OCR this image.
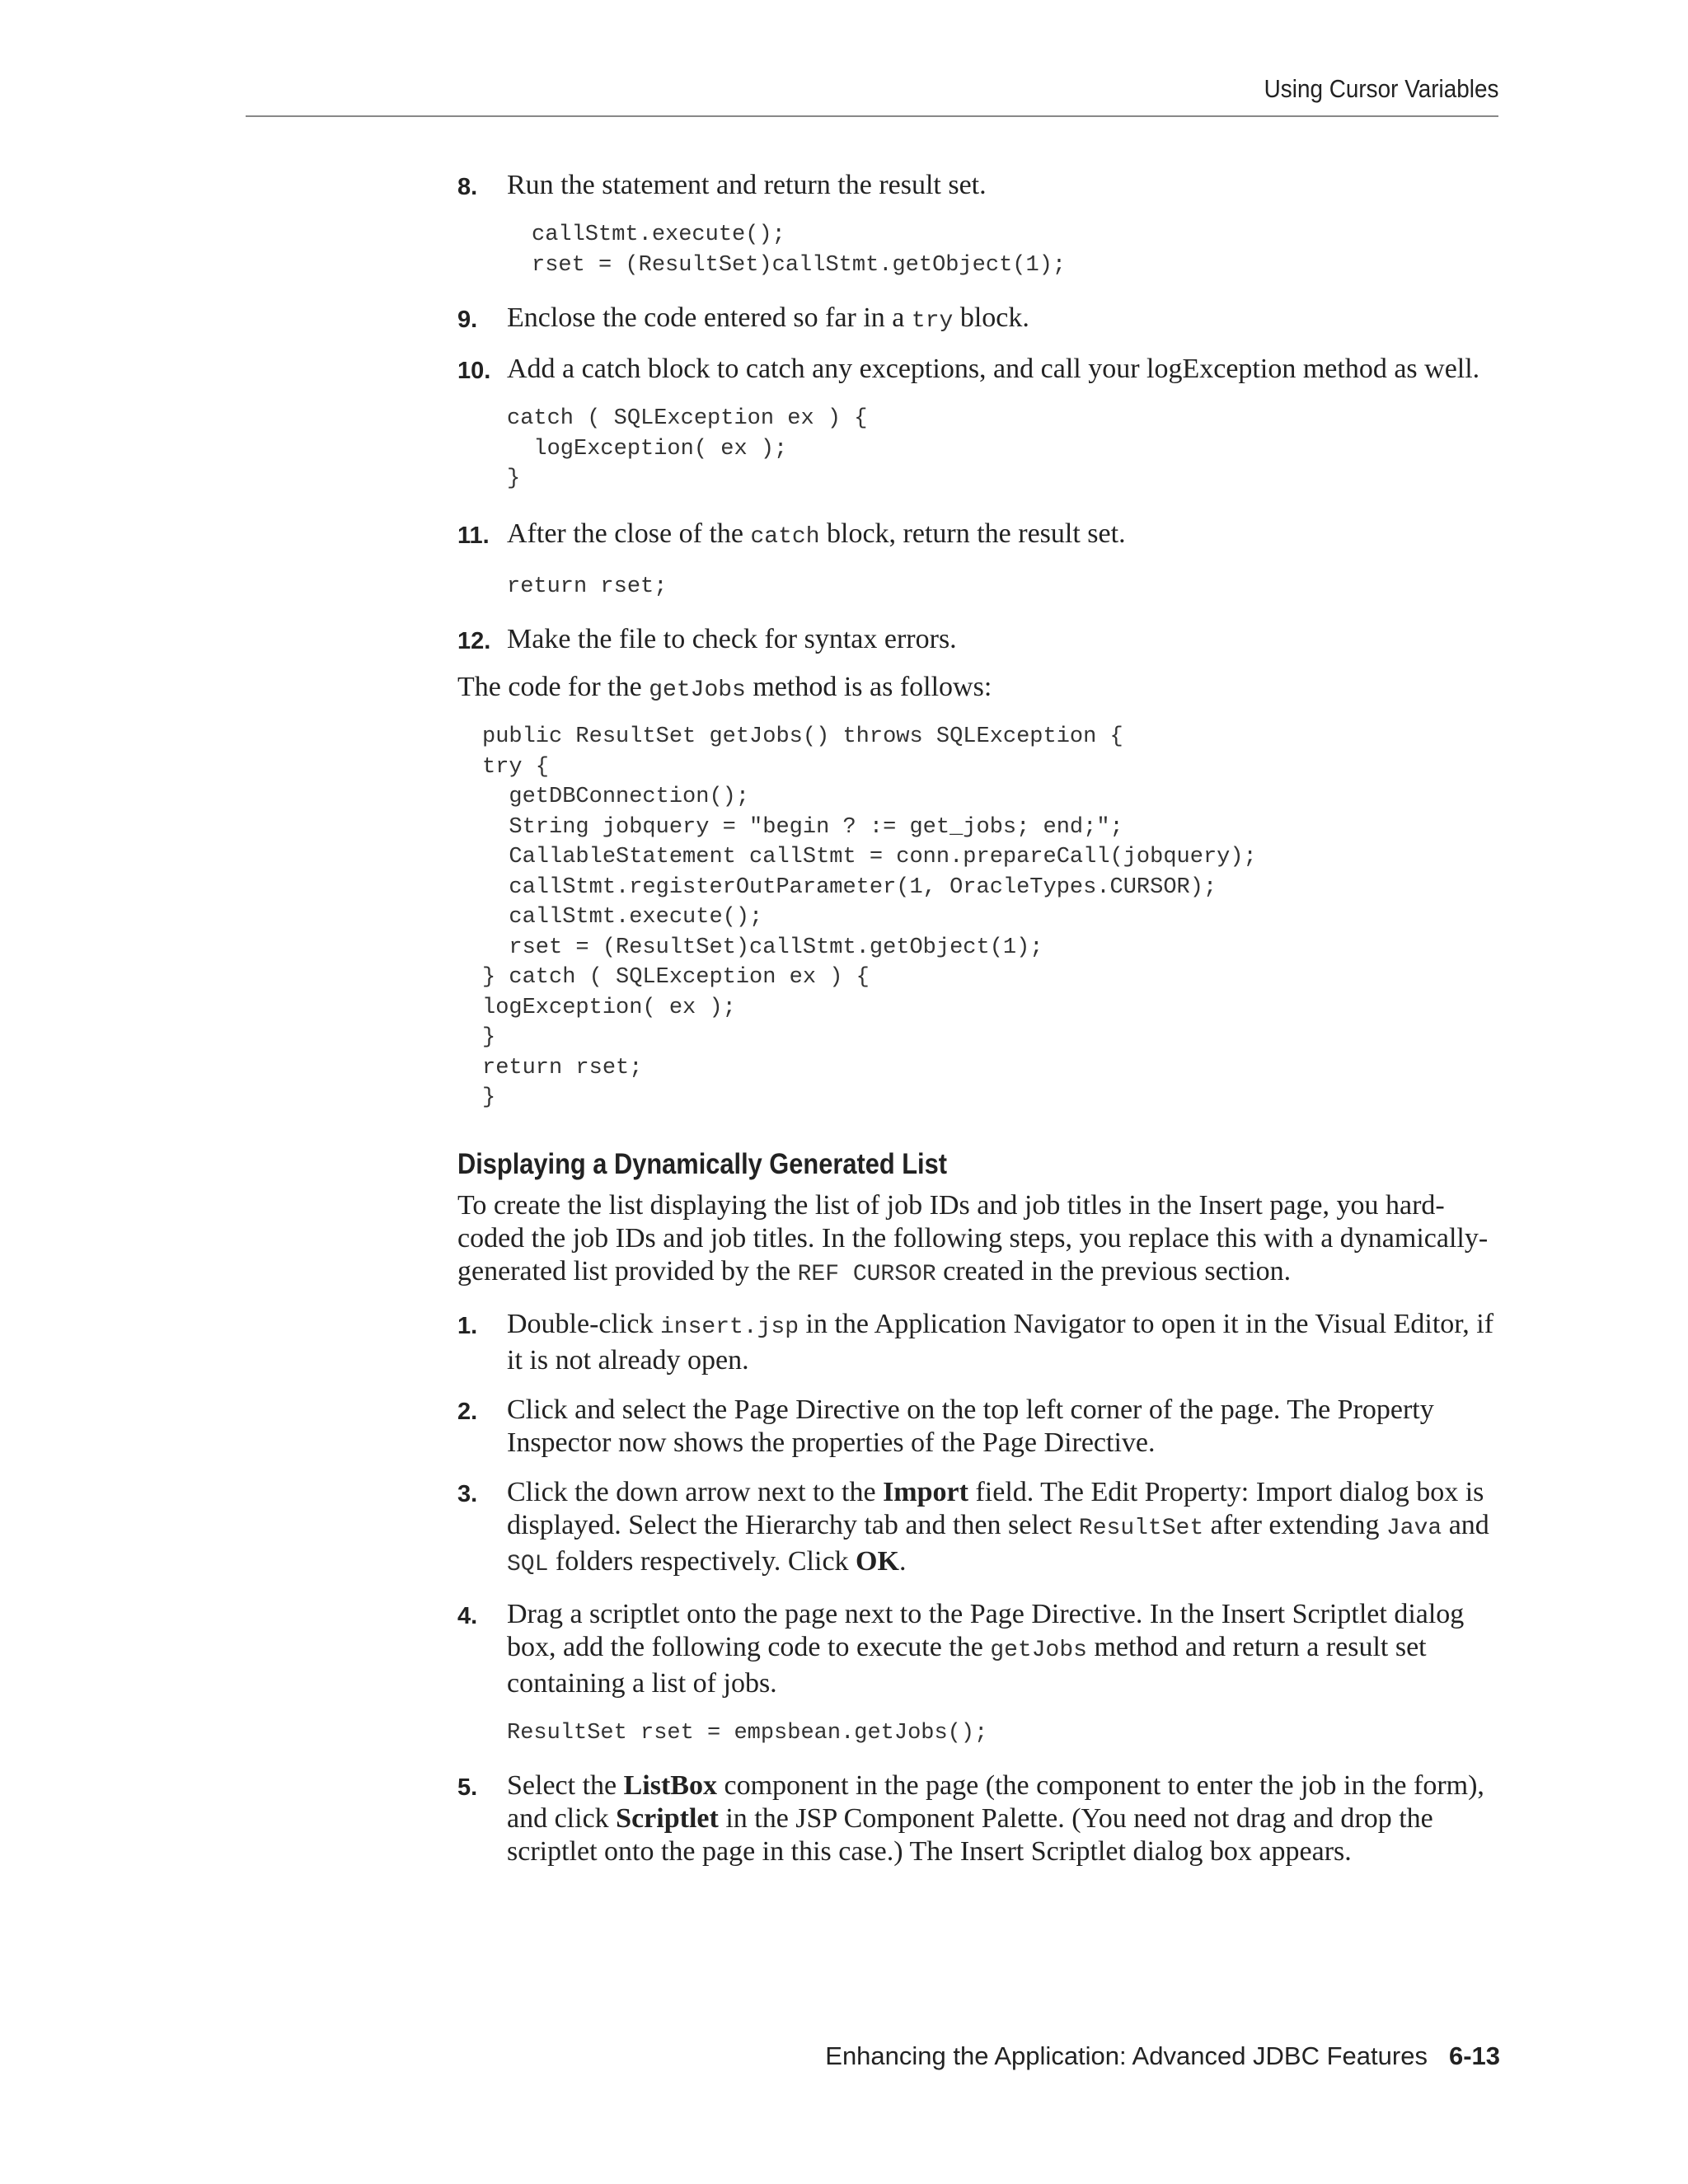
Using Cursor Variables
8. Run the statement and return the result set.
callStmt.execute();
rset = (ResultSet)callStmt.getObject(1);
9. Enclose the code entered so far in a try block.
10. Add a catch block to catch any exceptions, and call your logException method as well.
catch ( SQLException ex ) {
logException( ex );
}
11. After the close of the catch block, return the result set.
return rset;
12. Make the file to check for syntax errors.
The code for the getJobs method is as follows:
public ResultSet getJobs() throws SQLException {
try {
getDBConnection();
String jobquery = "begin ? := get_jobs; end;";
CallableStatement callStmt = conn.prepareCall(jobquery);
callStmt.registerOutParameter(1, OracleTypes.CURSOR);
callStmt.execute();
rset = (ResultSet)callStmt.getObject(1);
} catch ( SQLException ex ) {
logException( ex );
}
return rset;
}
Displaying a Dynamically Generated List
To create the list displaying the list of job IDs and job titles in the Insert page, you hard-coded the job IDs and job titles. In the following steps, you replace this with a dynamically-generated list provided by the REF CURSOR created in the previous section.
1. Double-click insert.jsp in the Application Navigator to open it in the Visual Editor, if it is not already open.
2. Click and select the Page Directive on the top left corner of the page. The Property Inspector now shows the properties of the Page Directive.
3. Click the down arrow next to the Import field. The Edit Property: Import dialog box is displayed. Select the Hierarchy tab and then select ResultSet after extending Java and SQL folders respectively. Click OK.
4. Drag a scriptlet onto the page next to the Page Directive. In the Insert Scriptlet dialog box, add the following code to execute the getJobs method and return a result set containing a list of jobs.
ResultSet rset = empsbean.getJobs();
5. Select the ListBox component in the page (the component to enter the job in the form), and click Scriptlet in the JSP Component Palette. (You need not drag and drop the scriptlet onto the page in this case.) The Insert Scriptlet dialog box appears.
Enhancing the Application: Advanced JDBC Features 6-13
